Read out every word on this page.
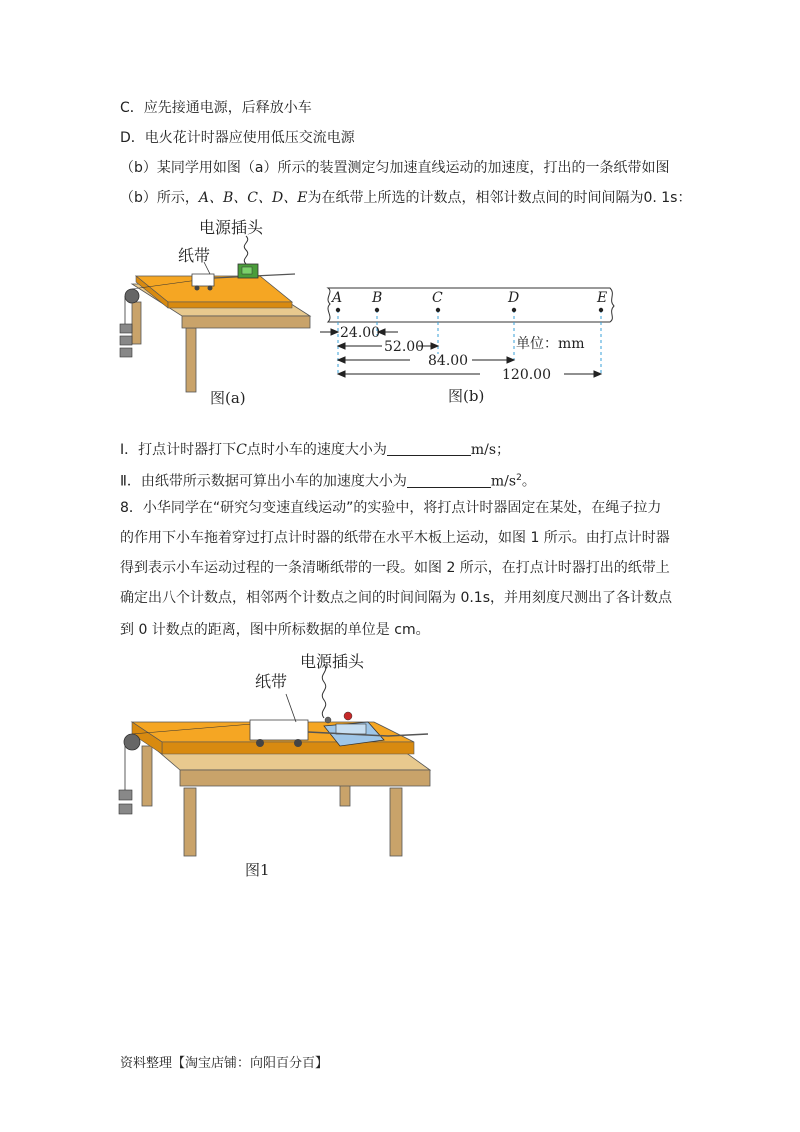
C．应先接通电源，后释放小车
D．电火花计时器应使用低压交流电源
（b）某同学用如图（a）所示的装置测定匀加速直线运动的加速度，打出的一条纸带如图
（b）所示，A、B、C、D、E为在纸带上所选的计数点，相邻计数点间的时间间隔为0. 1s：
电源插头
纸带
图(a)
A B	C	D	E
24.00
52.00
84.00
120.00
单位：mm
图(b)
Ⅰ．打点计时器打下C点时小车的速度大小为	m/s；
Ⅱ．由纸带所示数据可算出小车的加速度大小为	$m/s^2$。
8．小华同学在“研究匀变速直线运动”的实验中，将打点计时器固定在某处，在绳子拉力
的作用下小车拖着穿过打点计时器的纸带在水平木板上运动，如图 1 所示。由打点计时器
得到表示小车运动过程的一条清晰纸带的一段。如图 2 所示，在打点计时器打出的纸带上
确定出八个计数点，相邻两个计数点之间的时间间隔为 0.1s，并用刻度尺测出了各计数点
到 0 计数点的距离，图中所标数据的单位是 cm。
电源插头
纸带
图1
资料整理【淘宝店铺：向阳百分百】
